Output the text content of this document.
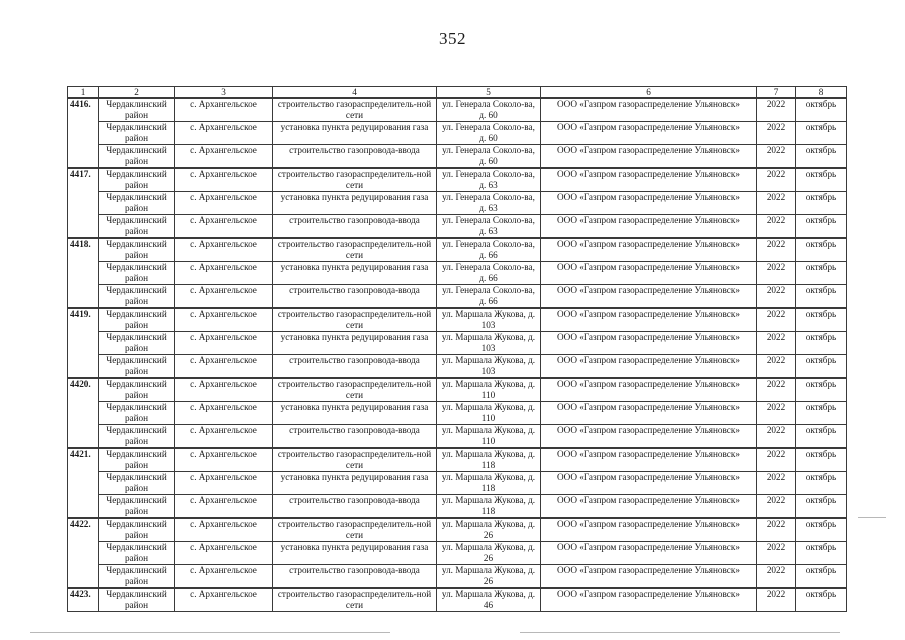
352
1	2	3	4	5	6	7	8
4416.	Чердаклинский район	с. Архангельское	строительство газораспределитель-ной сети	ул. Генерала Соколо-ва, д. 60	ООО «Газпром газораспределение Ульяновск»	2022	октябрь
	Чердаклинский район	с. Архангельское	установка пункта редуцирования газа	ул. Генерала Соколо-ва, д. 60	ООО «Газпром газораспределение Ульяновск»	2022	октябрь
	Чердаклинский район	с. Архангельское	строительство газопровода-ввода	ул. Генерала Соколо-ва, д. 60	ООО «Газпром газораспределение Ульяновск»	2022	октябрь
4417.	Чердаклинский район	с. Архангельское	строительство газораспределитель-ной сети	ул. Генерала Соколо-ва, д. 63	ООО «Газпром газораспределение Ульяновск»	2022	октябрь
	Чердаклинский район	с. Архангельское	установка пункта редуцирования газа	ул. Генерала Соколо-ва, д. 63	ООО «Газпром газораспределение Ульяновск»	2022	октябрь
	Чердаклинский район	с. Архангельское	строительство газопровода-ввода	ул. Генерала Соколо-ва, д. 63	ООО «Газпром газораспределение Ульяновск»	2022	октябрь
4418.	Чердаклинский район	с. Архангельское	строительство газораспределитель-ной сети	ул. Генерала Соколо-ва, д. 66	ООО «Газпром газораспределение Ульяновск»	2022	октябрь
	Чердаклинский район	с. Архангельское	установка пункта редуцирования газа	ул. Генерала Соколо-ва, д. 66	ООО «Газпром газораспределение Ульяновск»	2022	октябрь
	Чердаклинский район	с. Архангельское	строительство газопровода-ввода	ул. Генерала Соколо-ва, д. 66	ООО «Газпром газораспределение Ульяновск»	2022	октябрь
4419.	Чердаклинский район	с. Архангельское	строительство газораспределитель-ной сети	ул. Маршала Жукова, д. 103	ООО «Газпром газораспределение Ульяновск»	2022	октябрь
	Чердаклинский район	с. Архангельское	установка пункта редуцирования газа	ул. Маршала Жукова, д. 103	ООО «Газпром газораспределение Ульяновск»	2022	октябрь
	Чердаклинский район	с. Архангельское	строительство газопровода-ввода	ул. Маршала Жукова, д. 103	ООО «Газпром газораспределение Ульяновск»	2022	октябрь
4420.	Чердаклинский район	с. Архангельское	строительство газораспределитель-ной сети	ул. Маршала Жукова, д. 110	ООО «Газпром газораспределение Ульяновск»	2022	октябрь
	Чердаклинский район	с. Архангельское	установка пункта редуцирования газа	ул. Маршала Жукова, д. 110	ООО «Газпром газораспределение Ульяновск»	2022	октябрь
	Чердаклинский район	с. Архангельское	строительство газопровода-ввода	ул. Маршала Жукова, д. 110	ООО «Газпром газораспределение Ульяновск»	2022	октябрь
4421.	Чердаклинский район	с. Архангельское	строительство газораспределитель-ной сети	ул. Маршала Жукова, д. 118	ООО «Газпром газораспределение Ульяновск»	2022	октябрь
	Чердаклинский район	с. Архангельское	установка пункта редуцирования газа	ул. Маршала Жукова, д. 118	ООО «Газпром газораспределение Ульяновск»	2022	октябрь
	Чердаклинский район	с. Архангельское	строительство газопровода-ввода	ул. Маршала Жукова, д. 118	ООО «Газпром газораспределение Ульяновск»	2022	октябрь
4422.	Чердаклинский район	с. Архангельское	строительство газораспределитель-ной сети	ул. Маршала Жукова, д. 26	ООО «Газпром газораспределение Ульяновск»	2022	октябрь
	Чердаклинский район	с. Архангельское	установка пункта редуцирования газа	ул. Маршала Жукова, д. 26	ООО «Газпром газораспределение Ульяновск»	2022	октябрь
	Чердаклинский район	с. Архангельское	строительство газопровода-ввода	ул. Маршала Жукова, д. 26	ООО «Газпром газораспределение Ульяновск»	2022	октябрь
4423.	Чердаклинский район	с. Архангельское	строительство газораспределитель-ной сети	ул. Маршала Жукова, д. 46	ООО «Газпром газораспределение Ульяновск»	2022	октябрь
